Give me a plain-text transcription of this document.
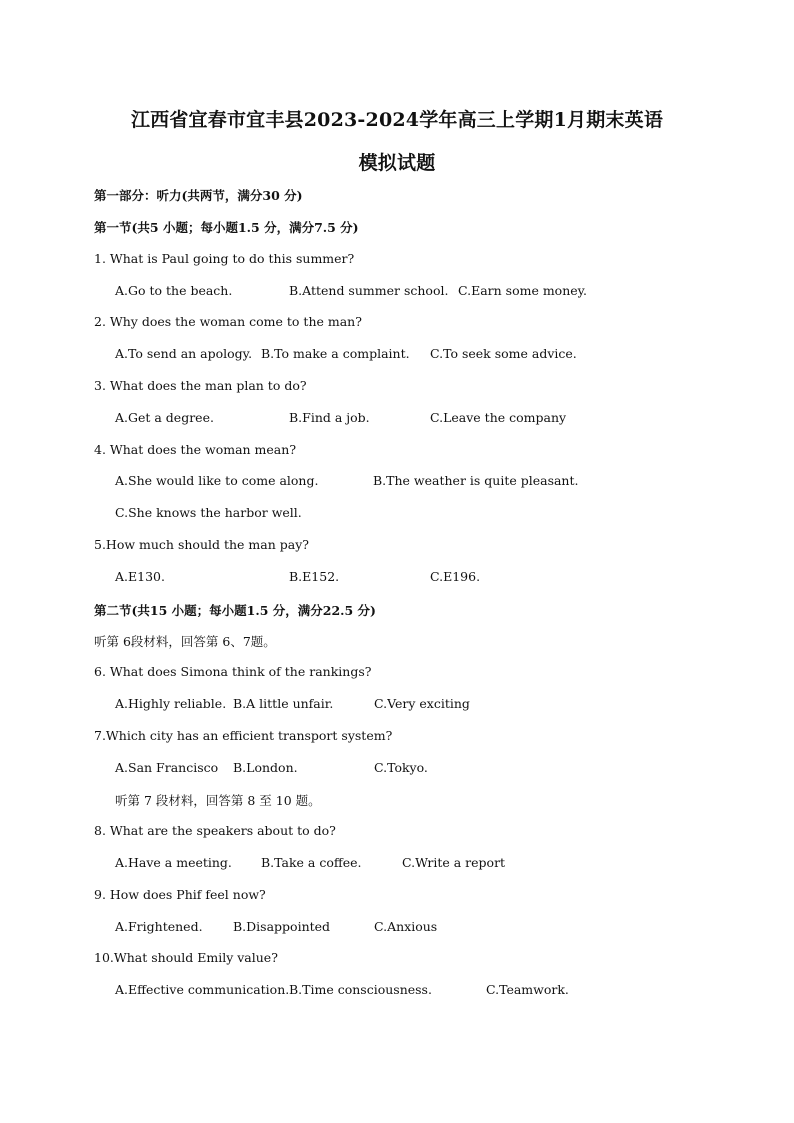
江西省宜春市宜丰县2023-2024学年高三上学期1月期末英语
模拟试题
第一部分：听力(共两节，满分30 分)
第一节(共5 小题；每小题1.5 分，满分7.5 分)
1. What is Paul going to do this summer?
A.Go to the beach.	B.Attend summer school. C.Earn some money.
2. Why does the woman come to the man?
A.To send an apology. B.To make a complaint. C.To seek some advice.
3. What does the man plan to do?
A.Get a degree.	B.Find a job.	C.Leave the company
4. What does the woman mean?
A.She would like to come along.	B.The weather is quite pleasant.
C.She knows the harbor well.
5.How much should the man pay?
A.E130.	B.E152.	C.E196.
第二节(共15 小题；每小题1.5 分，满分22.5 分)
听第 6段材料，回答第 6、7题。
6. What does Simona think of the rankings?
A.Highly reliable. B.A little unfair.	C.Very exciting
7.Which city has an efficient transport system?
A.San Francisco B.London.	C.Tokyo.
听第 7 段材料，回答第 8 至 10 题。
8. What are the speakers about to do?
A.Have a meeting. B.Take a coffee.	C.Write a report
9. How does Phif feel now?
A.Frightened. B.Disappointed	C.Anxious
10.What should Emily value?
A.Effective communication. B.Time consciousness.	C.Teamwork.
